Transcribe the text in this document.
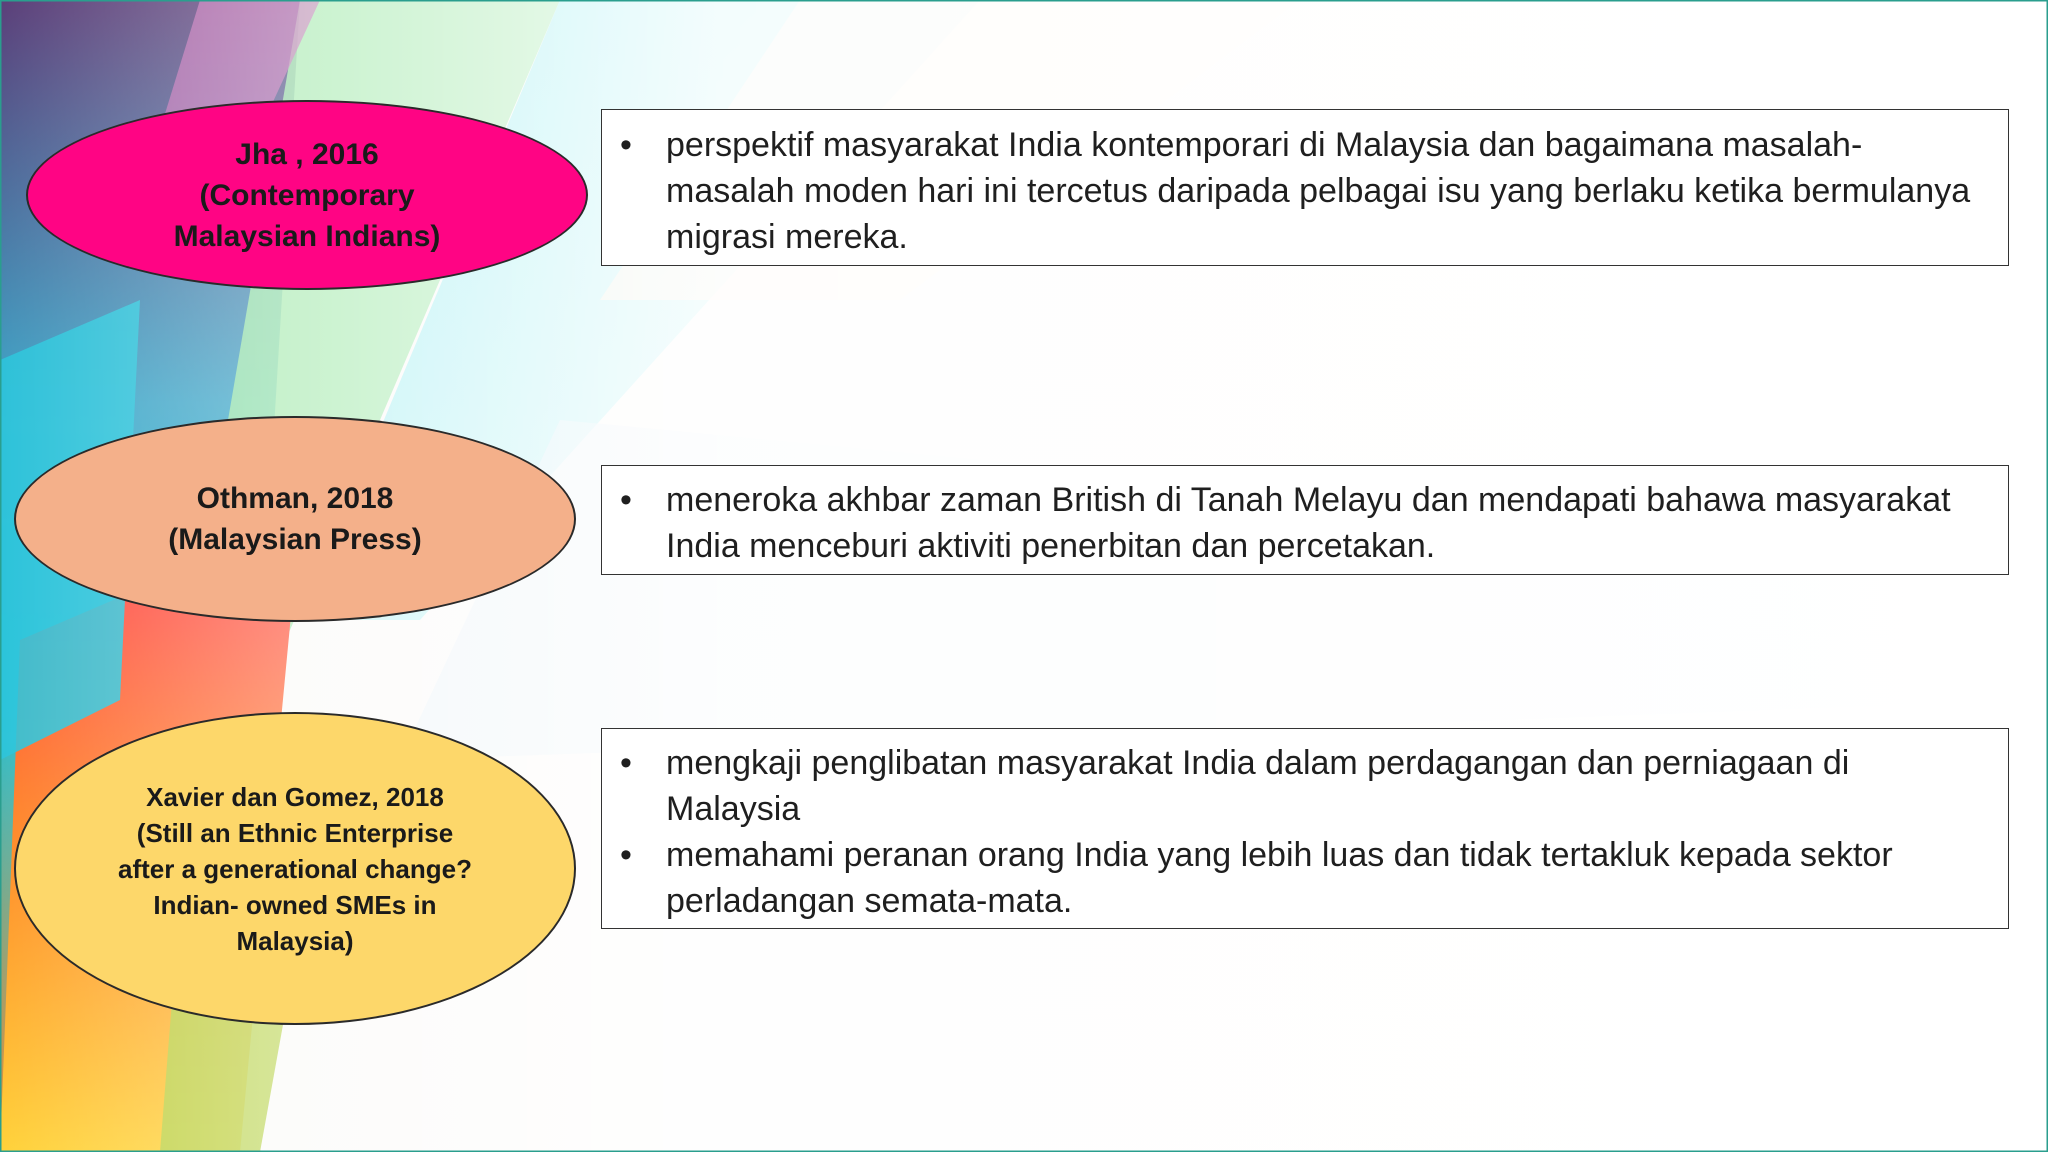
Jha , 2016
(Contemporary
Malaysian Indians)
Othman, 2018
(Malaysian Press)
Xavier dan Gomez, 2018
(Still an Ethnic Enterprise
after a generational change?
Indian- owned SMEs in
Malaysia)
• perspektif masyarakat India kontemporari di Malaysia dan bagaimana masalah-masalah moden hari ini tercetus daripada pelbagai isu yang berlaku ketika bermulanya migrasi mereka.
• meneroka akhbar zaman British di Tanah Melayu dan mendapati bahawa masyarakat India menceburi aktiviti penerbitan dan percetakan.
• mengkaji penglibatan masyarakat India dalam perdagangan dan perniagaan di Malaysia
• memahami peranan orang India yang lebih luas dan tidak tertakluk kepada sektor perladangan semata-mata.
